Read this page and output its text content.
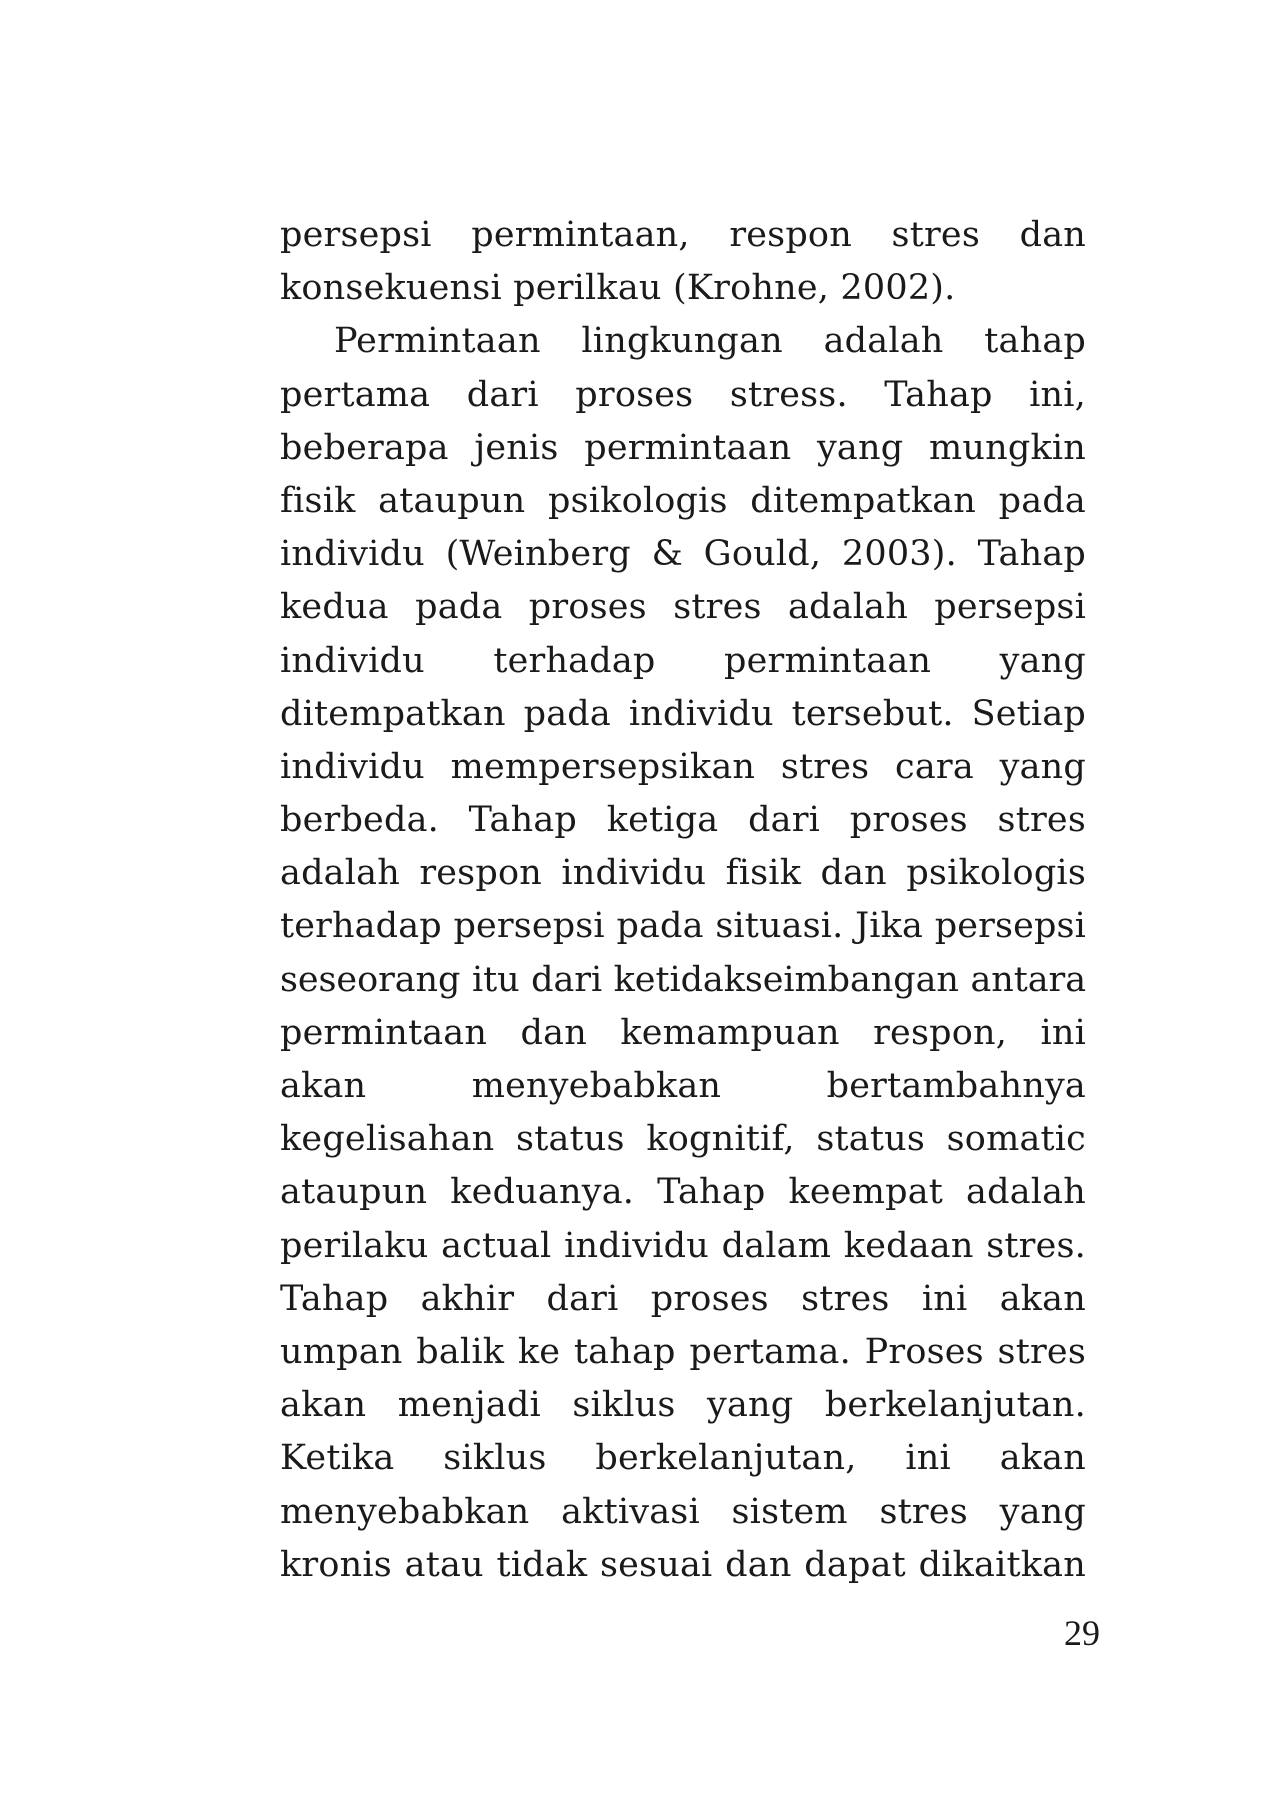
persepsi permintaan, respon stres dan
konsekuensi perilkau (Krohne, 2002).
Permintaan lingkungan adalah tahap
pertama dari proses stress. Tahap ini,
beberapa jenis permintaan yang mungkin
fisik ataupun psikologis ditempatkan pada
individu (Weinberg & Gould, 2003). Tahap
kedua pada proses stres adalah persepsi
individu terhadap permintaan yang
ditempatkan pada individu tersebut. Setiap
individu mempersepsikan stres cara yang
berbeda. Tahap ketiga dari proses stres
adalah respon individu fisik dan psikologis
terhadap persepsi pada situasi. Jika persepsi
seseorang itu dari ketidakseimbangan antara
permintaan dan kemampuan respon, ini
akan menyebabkan bertambahnya
kegelisahan status kognitif, status somatic
ataupun keduanya. Tahap keempat adalah
perilaku actual individu dalam kedaan stres.
Tahap akhir dari proses stres ini akan
umpan balik ke tahap pertama. Proses stres
akan menjadi siklus yang berkelanjutan.
Ketika siklus berkelanjutan, ini akan
menyebabkan aktivasi sistem stres yang
kronis atau tidak sesuai dan dapat dikaitkan
29
